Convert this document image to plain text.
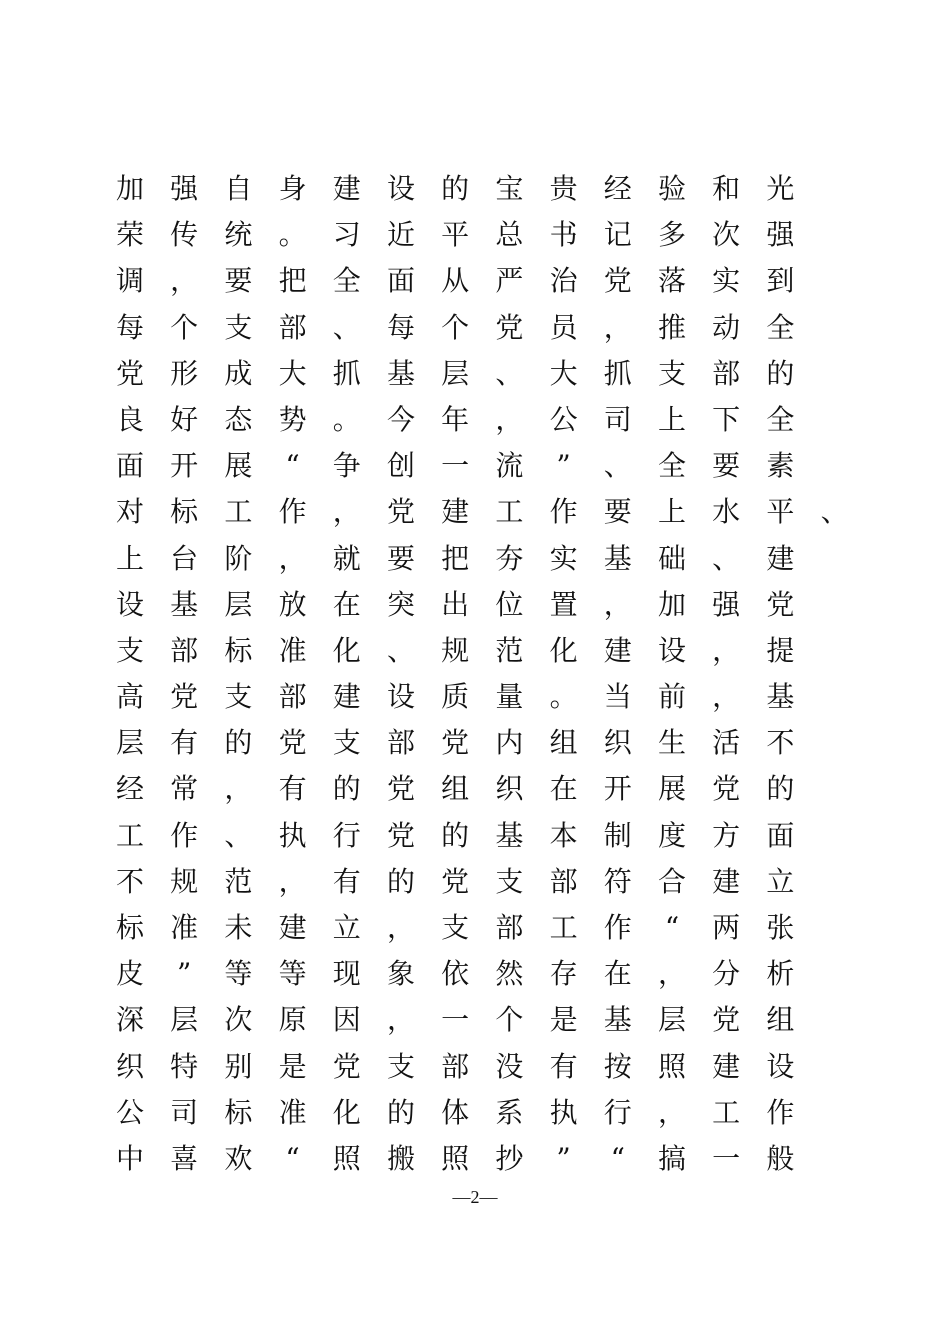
加 强 自 身 建 设 的 宝 贵 经 验 和 光
荣 传 统 。 习 近 平 总 书 记 多 次 强
调 ， 要 把 全 面 从 严 治 党 落 实 到
每 个 支 部 、 每 个 党 员 ， 推 动 全
党 形 成 大 抓 基 层 、 大 抓 支 部 的
良 好 态 势 。 今 年 ， 公 司 上 下 全
面 开 展	“	争 创 一 流	”	、 全 要 素
对 标 工 作 ， 党 建 工 作 要 上 水 平 、
上 台 阶 ， 就 要 把 夯 实 基 础 、 建
设 基 层 放 在 突 出 位 置 ， 加 强 党
支 部 标 准 化 、 规 范 化 建 设 ， 提
高 党 支 部 建 设 质 量 。 当 前 ， 基
层 有 的 党 支 部 党 内 组 织 生 活 不
经 常 ， 有 的 党 组 织 在 开 展 党 的
工 作 、 执 行 党 的 基 本 制 度 方 面
不 规 范 ， 有 的 党 支 部 符 合 建 立
标 准 未 建 立 ， 支 部 工 作	“	两 张
皮	”	等 等 现 象 依 然 存 在 ， 分 析
深 层 次 原 因 ， 一 个 是 基 层 党 组
织 特 别 是 党 支 部 没 有 按 照 建 设
公 司 标 准 化 的 体 系 执 行 ， 工 作
中 喜 欢	“	照 搬 照 抄	”	“	搞 一 般
—2—
